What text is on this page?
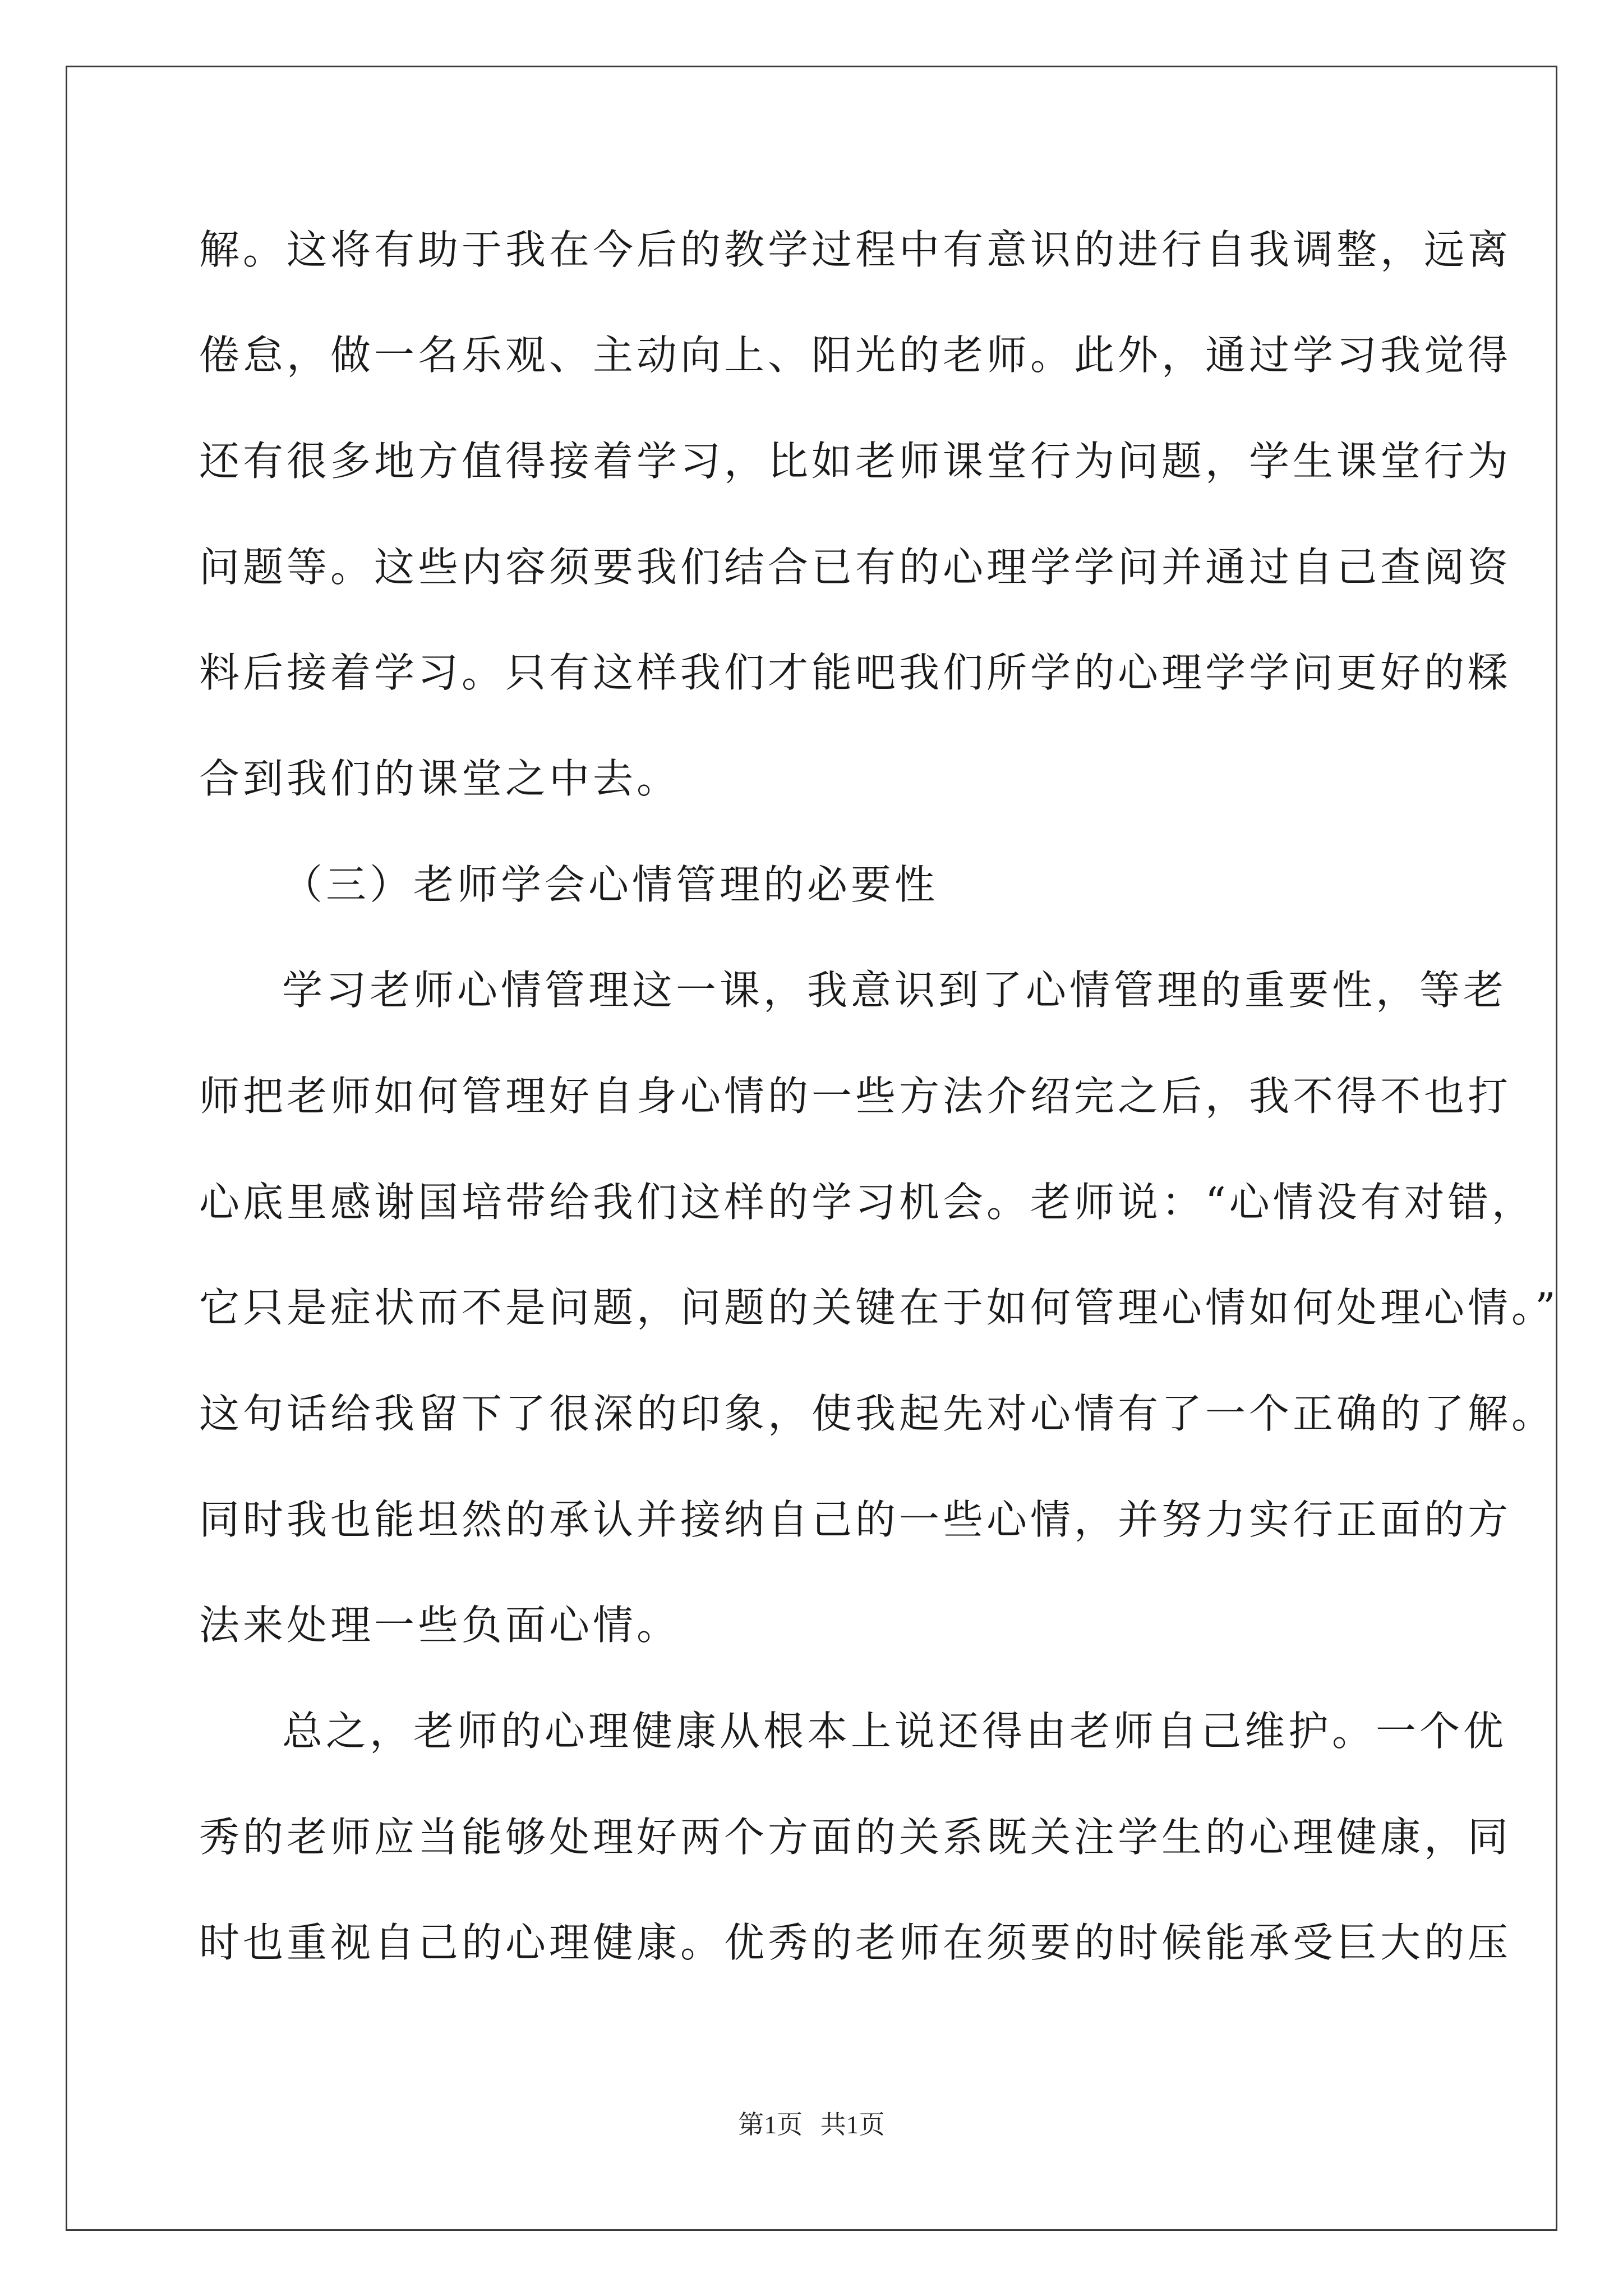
解。这将有助于我在今后的教学过程中有意识的进行自我调整，远离
倦怠，做一名乐观、主动向上、阳光的老师。此外，通过学习我觉得
还有很多地方值得接着学习，比如老师课堂行为问题，学生课堂行为
问题等。这些内容须要我们结合已有的心理学学问并通过自己查阅资
料后接着学习。只有这样我们才能吧我们所学的心理学学问更好的糅
合到我们的课堂之中去。
（三）老师学会心情管理的必要性
学习老师心情管理这一课，我意识到了心情管理的重要性，等老
师把老师如何管理好自身心情的一些方法介绍完之后，我不得不也打
心底里感谢国培带给我们这样的学习机会。老师说：“心情没有对错，
它只是症状而不是问题，问题的关键在于如何管理心情如何处理心情。”
这句话给我留下了很深的印象，使我起先对心情有了一个正确的了解。
同时我也能坦然的承认并接纳自己的一些心情，并努力实行正面的方
法来处理一些负面心情。
总之，老师的心理健康从根本上说还得由老师自己维护。一个优
秀的老师应当能够处理好两个方面的关系既关注学生的心理健康，同
时也重视自己的心理健康。优秀的老师在须要的时候能承受巨大的压
第1页 共1页
